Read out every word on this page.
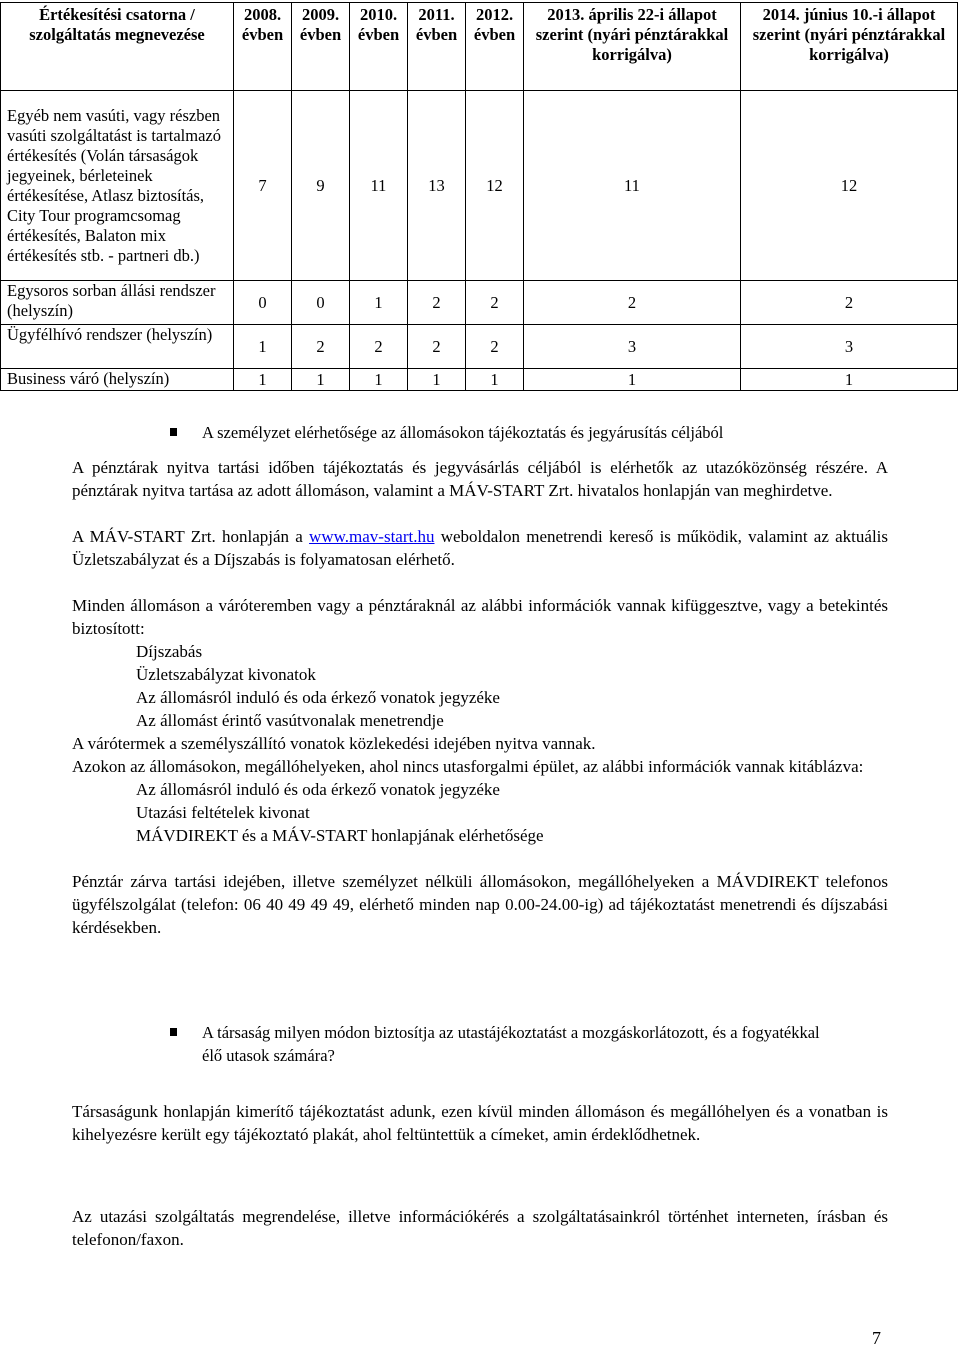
Értékesítési csatorna / szolgáltatás megnevezése	2008. évben	2009. évben	2010. évben	2011. évben	2012. évben	2013. április 22-i állapot szerint (nyári pénztárakkal korrigálva)	2014. június 10.-i állapot szerint (nyári pénztárakkal korrigálva)
Egyéb nem vasúti, vagy részben vasúti szolgáltatást is tartalmazó értékesítés (Volán társaságok jegyeinek, bérleteinek értékesítése, Atlasz biztosítás, City Tour programcsomag értékesítés, Balaton mix értékesítés stb. - partneri db.)	7	9	11	13	12	11	12
Egysoros sorban állási rendszer (helyszín)	0	0	1	2	2	2	2
Ügyfélhívó rendszer (helyszín)	1	2	2	2	2	3	3
Business váró (helyszín)	1	1	1	1	1	1	1
A személyzet elérhetősége az állomásokon tájékoztatás és jegyárusítás céljából

A pénztárak nyitva tartási időben tájékoztatás és jegyvásárlás céljából is elérhetők az utazóközönség részére. A pénztárak nyitva tartása az adott állomáson, valamint a MÁV-START Zrt. hivatalos honlapján van meghirdetve.

A MÁV-START Zrt. honlapján a www.mav-start.hu weboldalon menetrendi kereső is működik, valamint az aktuális Üzletszabályzat és a Díjszabás is folyamatosan elérhető.

Minden állomáson a váróteremben vagy a pénztáraknál az alábbi információk vannak kifüggesztve, vagy a betekintés biztosított:

Díjszabás

Üzletszabályzat kivonatok

Az állomásról induló és oda érkező vonatok jegyzéke

Az állomást érintő vasútvonalak menetrendje

A várótermek a személyszállító vonatok közlekedési idejében nyitva vannak.

Azokon az állomásokon, megállóhelyeken, ahol nincs utasforgalmi épület, az alábbi információk vannak kitáblázva:

Az állomásról induló és oda érkező vonatok jegyzéke

Utazási feltételek kivonat

MÁVDIREKT és a MÁV-START honlapjának elérhetősége

Pénztár zárva tartási idejében, illetve személyzet nélküli állomásokon, megállóhelyeken a MÁVDIREKT telefonos ügyfélszolgálat (telefon: 06 40 49 49 49, elérhető minden nap 0.00-24.00-ig) ad tájékoztatást menetrendi és díjszabási kérdésekben.

A társaság milyen módon biztosítja az utastájékoztatást a mozgáskorlátozott, és a fogyatékkal élő utasok számára?

Társaságunk honlapján kimerítő tájékoztatást adunk, ezen kívül minden állomáson és megállóhelyen és a vonatban is kihelyezésre került egy tájékoztató plakát, ahol feltüntettük a címeket, amin érdeklődhetnek.

Az utazási szolgáltatás megrendelése, illetve információkérés a szolgáltatásainkról történhet interneten, írásban és telefonon/faxon.

7
